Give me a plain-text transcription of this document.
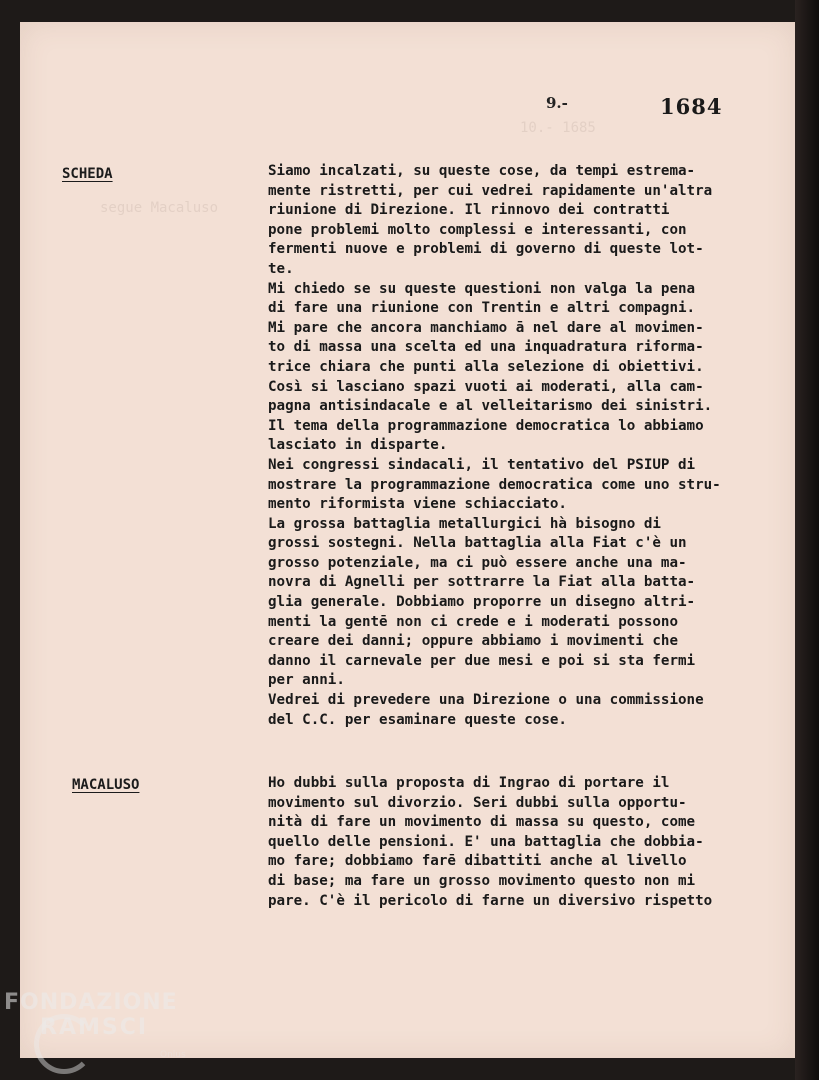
9.-	1684
SCHEDA	Siamo incalzati, su queste cose, da tempi estrema-
mente ristretti, per cui vedrei rapidamente un'altra
riunione di Direzione. Il rinnovo dei contratti
pone problemi molto complessi e interessanti, con
fermenti nuove e problemi di governo di queste lot-
te.
Mi chiedo se su queste questioni non valga la pena
di fare una riunione con Trentin e altri compagni.
Mi pare che ancora manchiamo ā nel dare al movimen-
to di massa una scelta ed una inquadratura riforma-
trice chiara che punti alla selezione di obiettivi.
Così si lasciano spazi vuoti ai moderati, alla cam-
pagna antisindacale e al velleitarismo dei sinistri.
Il tema della programmazione democratica lo abbiamo
lasciato in disparte.
Nei congressi sindacali, il tentativo del PSIUP di
mostrare la programmazione democratica come uno stru-
mento riformista viene schiacciato.
La grossa battaglia metallurgici hà bisogno di
grossi sostegni. Nella battaglia alla Fiat c'è un
grosso potenziale, ma ci può essere anche una ma-
novra di Agnelli per sottrarre la Fiat alla batta-
glia generale. Dobbiamo proporre un disegno altri-
menti la gentē non ci crede e i moderati possono
creare dei danni; oppure abbiamo i movimenti che
danno il carnevale per due mesi e poi si sta fermi
per anni.
Vedrei di prevedere una Direzione o una commissione
del C.C. per esaminare queste cose.
MACALUSO	Ho dubbi sulla proposta di Ingrao di portare il
movimento sul divorzio. Seri dubbi sulla opportu-
nità di fare un movimento di massa su questo, come
quello delle pensioni. E' una battaglia che dobbia-
mo fare; dobbiamo farē dibattiti anche al livello
di base; ma fare un grosso movimento questo non mi
pare. C'è il pericolo di farne un diversivo rispetto
FONDAZIONE
RAMSCI
Onlus
